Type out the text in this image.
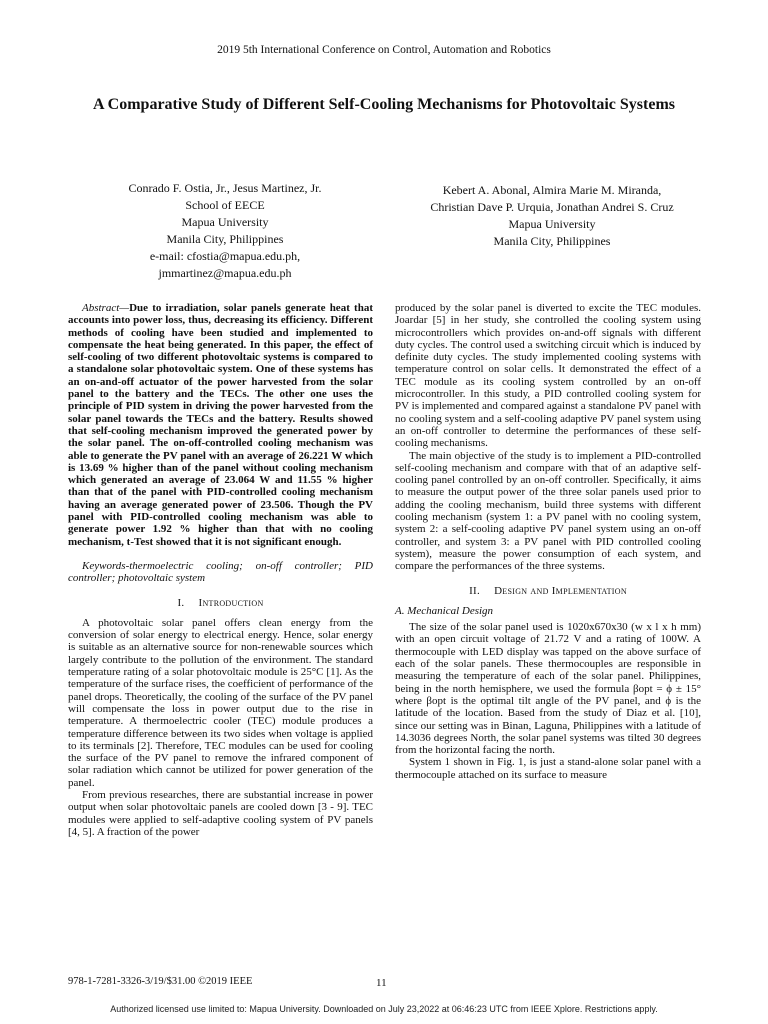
2019 5th International Conference on Control, Automation and Robotics
A Comparative Study of Different Self-Cooling Mechanisms for Photovoltaic Systems
Conrado F. Ostia, Jr., Jesus Martinez, Jr.
School of EECE
Mapua University
Manila City, Philippines
e-mail: cfostia@mapua.edu.ph,
jmmartinez@mapua.edu.ph
Kebert A. Abonal, Almira Marie M. Miranda,
Christian Dave P. Urquia, Jonathan Andrei S. Cruz
Mapua University
Manila City, Philippines

Abstract—Due to irradiation, solar panels generate heat that accounts into power loss, thus, decreasing its efficiency. Different methods of cooling have been studied and implemented to compensate the heat being generated. In this paper, the effect of self-cooling of two different photovoltaic systems is compared to a standalone solar photovoltaic system. One of these systems has an on-and-off actuator of the power harvested from the solar panel to the battery and the TECs. The other one uses the principle of PID system in driving the power harvested from the solar panel towards the TECs and the battery. Results showed that self-cooling mechanism improved the generated power by the solar panel. The on-off-controlled cooling mechanism was able to generate the PV panel with an average of 26.221 W which is 13.69 % higher than of the panel without cooling mechanism which generated an average of 23.064 W and 11.55 % higher than that of the panel with PID-controlled cooling mechanism having an average generated power of 23.506. Though the PV panel with PID-controlled cooling mechanism was able to generate power 1.92 % higher than that with no cooling mechanism, t-Test showed that it is not significant enough.

Keywords-thermoelectric cooling; on-off controller; PID controller; photovoltaic system

I. Introduction

A photovoltaic solar panel offers clean energy from the conversion of solar energy to electrical energy. Hence, solar energy is suitable as an alternative source for non-renewable sources which largely contribute to the pollution of the environment. The standard temperature rating of a solar photovoltaic module is 25°C [1]. As the temperature of the surface rises, the coefficient of performance of the panel drops. Theoretically, the cooling of the surface of the PV panel will compensate the loss in power output due to the rise in temperature. A thermoelectric cooler (TEC) module produces a temperature difference between its two sides when voltage is applied to its terminals [2]. Therefore, TEC modules can be used for cooling the surface of the PV panel to remove the infrared component of solar radiation which cannot be utilized for power generation of the panel.

From previous researches, there are substantial increase in power output when solar photovoltaic panels are cooled down [3 - 9]. TEC modules were applied to self-adaptive cooling system of PV panels [4, 5]. A fraction of the power

produced by the solar panel is diverted to excite the TEC modules. Joardar [5] in her study, she controlled the cooling system using microcontrollers which provides on-and-off signals with different duty cycles. The control used a switching circuit which is induced by definite duty cycles. The study implemented cooling systems with temperature control on solar cells. It demonstrated the effect of a TEC module as its cooling system controlled by an on-off microcontroller. In this study, a PID controlled cooling system for PV is implemented and compared against a standalone PV panel with no cooling system and a self-cooling adaptive PV panel system using an on-off controller to determine the performances of these self-cooling mechanisms.

The main objective of the study is to implement a PID-controlled self-cooling mechanism and compare with that of an adaptive self-cooling panel controlled by an on-off controller. Specifically, it aims to measure the output power of the three solar panels used prior to adding the cooling mechanism, build three systems with different cooling mechanism (system 1: a PV panel with no cooling system, system 2: a self-cooling adaptive PV panel system using an on-off controller, and system 3: a PV panel with PID controlled cooling system), measure the power consumption of each system, and compare the performances of the three systems.

II. Design and Implementation
A. Mechanical Design

The size of the solar panel used is 1020x670x30 (w x l x h mm) with an open circuit voltage of 21.72 V and a rating of 100W. A thermocouple with LED display was tapped on the above surface of each of the solar panels. These thermocouples are responsible in measuring the temperature of each of the solar panel. Philippines, being in the north hemisphere, we used the formula βopt = ϕ ± 15° where βopt is the optimal tilt angle of the PV panel, and ϕ is the latitude of the location. Based from the study of Diaz et al. [10], since our setting was in Binan, Laguna, Philippines with a latitude of 14.3036 degrees North, the solar panel systems was tilted 30 degrees from the horizontal facing the north.

System 1 shown in Fig. 1, is just a stand-alone solar panel with a thermocouple attached on its surface to measure

978-1-7281-3326-3/19/$31.00 ©2019 IEEE	11
Authorized licensed use limited to: Mapua University. Downloaded on July 23,2022 at 06:46:23 UTC from IEEE Xplore. Restrictions apply.
